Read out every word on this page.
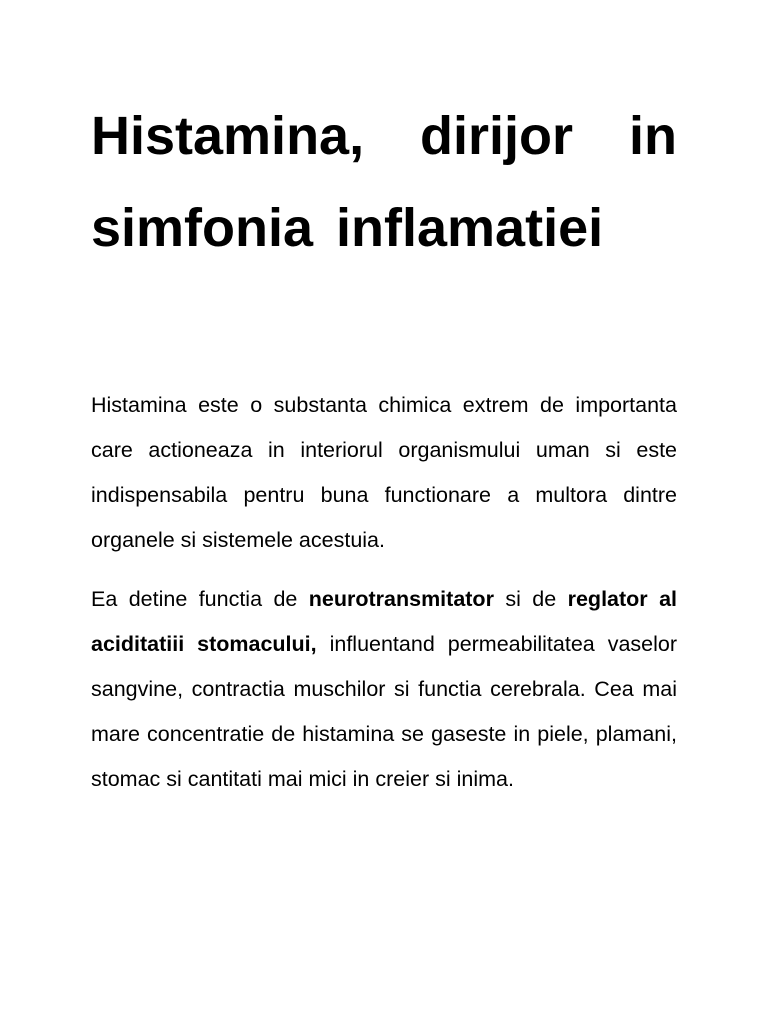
Histamina, dirijor in simfonia inflamatiei

Histamina este o substanta chimica extrem de importanta care actioneaza in interiorul organismului uman si este indispensabila pentru buna functionare a multora dintre organele si sistemele acestuia.

Ea detine functia de neurotransmitator si de reglator al aciditatiii stomacului, influentand permeabilitatea vaselor sangvine, contractia muschilor si functia cerebrala. Cea mai mare concentratie de histamina se gaseste in piele, plamani, stomac si cantitati mai mici in creier si inima.
